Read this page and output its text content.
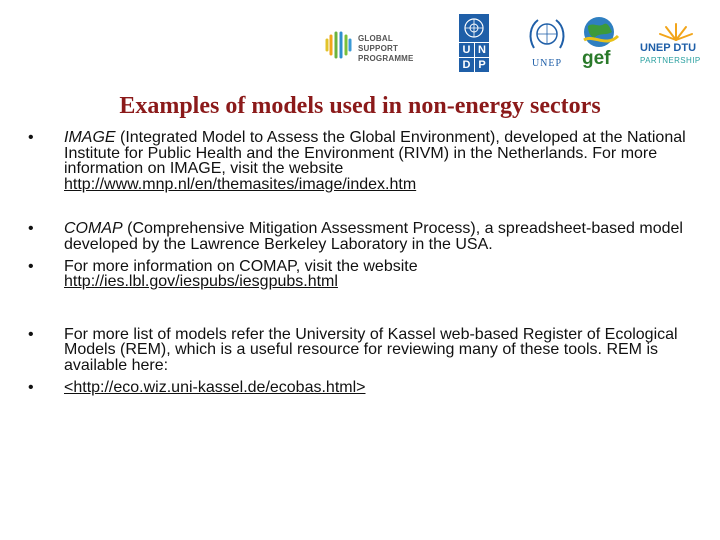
GLOBAL SUPPORT
PROGRAMME
U N
D P	UNEP	gef	UNEP DTU
PARTNERSHIP
Examples of models used in non-energy sectors

• IMAGE (Integrated Model to Assess the Global Environment), developed at the National Institute for Public Health and the Environment (RIVM) in the Netherlands. For more information on IMAGE, visit the website
http://www.mnp.nl/en/themasites/image/index.htm

• COMAP (Comprehensive Mitigation Assessment Process), a spreadsheet-based model developed by the Lawrence Berkeley Laboratory in the USA.

• For more information on COMAP, visit the website
http://ies.lbl.gov/iespubs/iesgpubs.html

• For more list of models refer the University of Kassel web-based Register of Ecological Models (REM), which is a useful resource for reviewing many of these tools. REM is available here:

• <http://eco.wiz.uni-kassel.de/ecobas.html>
